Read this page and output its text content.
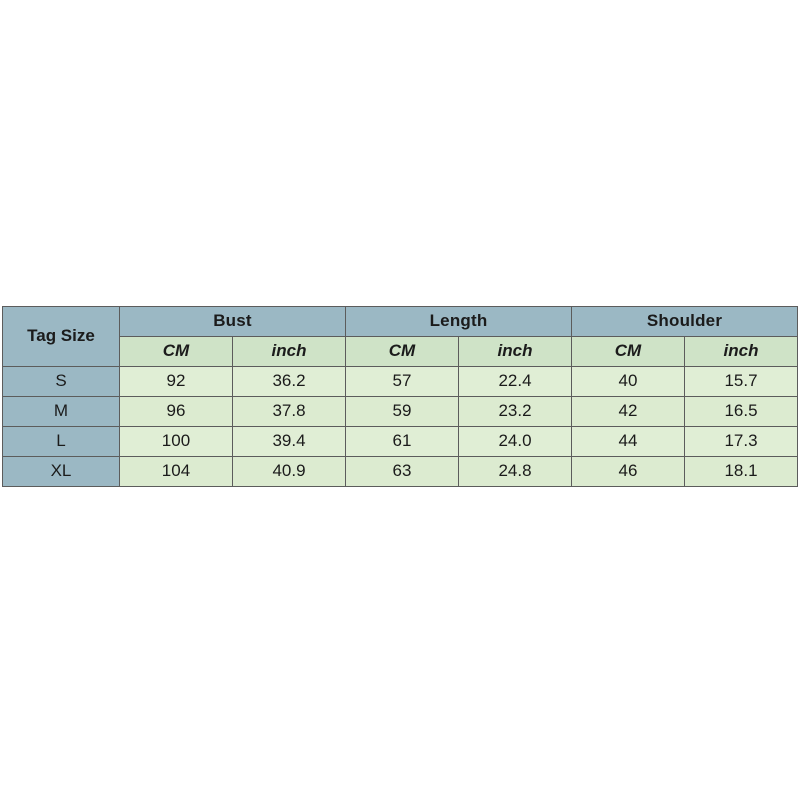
Tag Size	Bust		Length		Shoulder	
	CM	inch	CM	inch	CM	inch
S	92	36.2	57	22.4	40	15.7
M	96	37.8	59	23.2	42	16.5
L	100	39.4	61	24.0	44	17.3
XL	104	40.9	63	24.8	46	18.1
